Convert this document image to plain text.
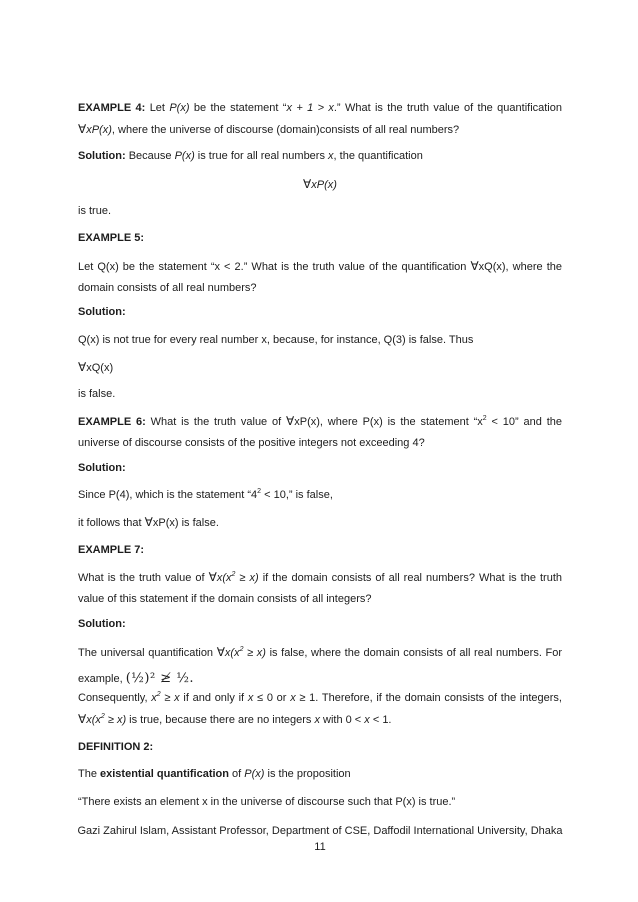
EXAMPLE 4: Let P(x) be the statement “x + 1 > x.” What is the truth value of the quantification ∀xP(x), where the universe of discourse (domain)consists of all real numbers?

Solution: Because P(x) is true for all real numbers x, the quantification

∀xP(x)

is true.

EXAMPLE 5:

Let Q(x) be the statement “x < 2.” What is the truth value of the quantification ∀xQ(x), where the domain consists of all real numbers?

Solution:

Q(x) is not true for every real number x, because, for instance, Q(3) is false. Thus

∀xQ(x)

is false.

EXAMPLE 6: What is the truth value of ∀xP(x), where P(x) is the statement “$x^2 < 10$” and the universe of discourse consists of the positive integers not exceeding 4?

Solution:

Since P(4), which is the statement “$4^2 < 10$,” is false,

it follows that ∀xP(x) is false.

EXAMPLE 7:

What is the truth value of $\forall x(x^2 \ge x)$ if the domain consists of all real numbers? What is the truth value of this statement if the domain consists of all integers?

Solution:

The universal quantification $\forall x(x^2 \ge x)$ is false, where the domain consists of all real numbers. For example, (½)² ≱ ½.

Consequently, $x^2 \ge x$ if and only if x ≤ 0 or x ≥ 1. Therefore, if the domain consists of the integers, $\forall x(x^2 \ge x)$ is true, because there are no integers x with 0 < x < 1.

DEFINITION 2:

The existential quantification of P(x) is the proposition

“There exists an element x in the universe of discourse such that P(x) is true.”

Gazi Zahirul Islam, Assistant Professor, Department of CSE, Daffodil International University, Dhaka
11
